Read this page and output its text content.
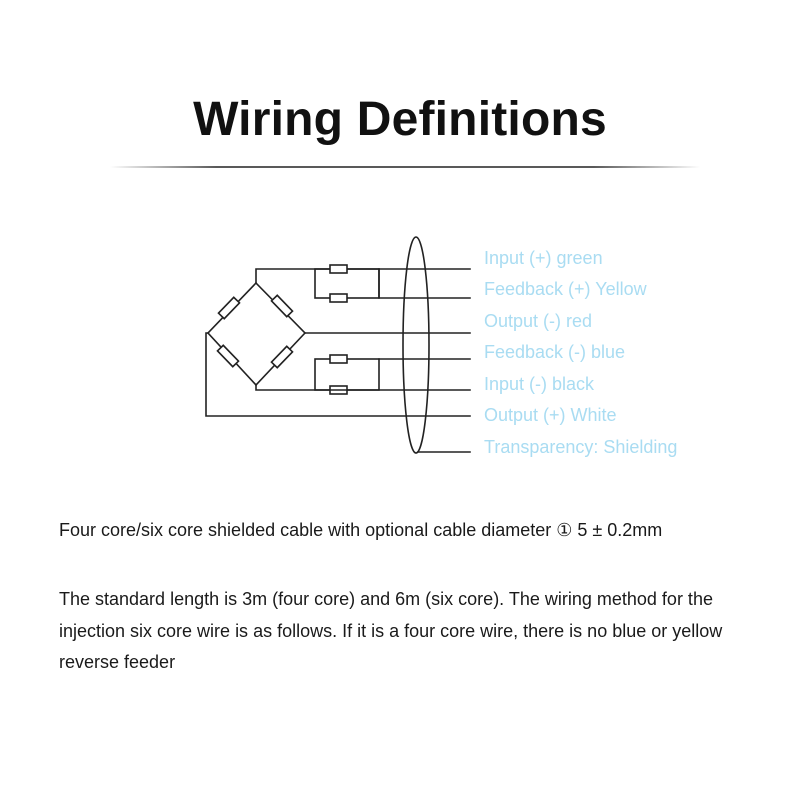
Wiring Definitions
Input (+) green
Feedback (+) Yellow
Output (-) red
Feedback (-) blue
Input (-) black
Output (+) White
Transparency: Shielding
Four core/six core shielded cable with optional cable diameter ① 5 ± 0.2mm
The standard length is 3m (four core) and 6m (six core). The wiring method for the injection six core wire is as follows. If it is a four core wire, there is no blue or yellow reverse feeder
